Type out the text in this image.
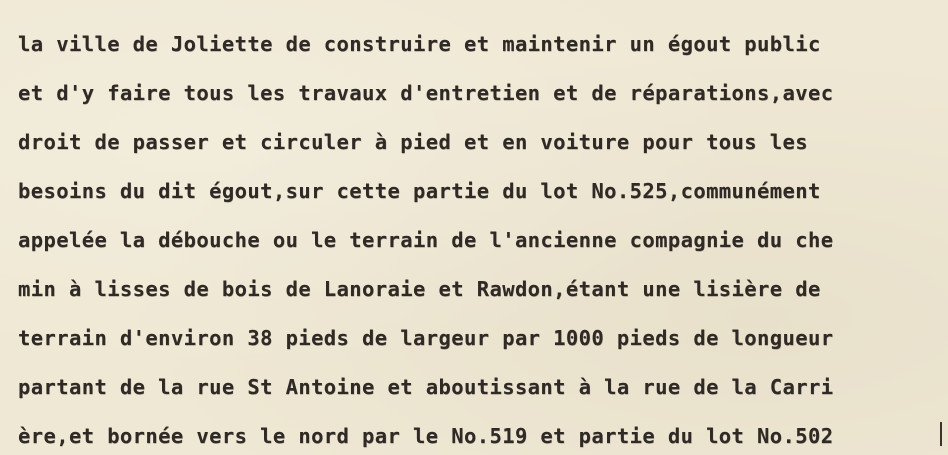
la ville de Joliette de construire et maintenir un égout public
et d'y faire tous les travaux d'entretien et de réparations,avec
droit de passer et circuler à pied et en voiture pour tous les
besoins du dit égout,sur cette partie du lot No.525,communément
appelée la débouche ou le terrain de l'ancienne compagnie du che
min à lisses de bois de Lanoraie et Rawdon,étant une lisière de
terrain d'environ 38 pieds de largeur par 1000 pieds de longueur
partant de la rue St Antoine et aboutissant à la rue de la Carri
ère,et bornée vers le nord par le No.519 et partie du lot No.502
